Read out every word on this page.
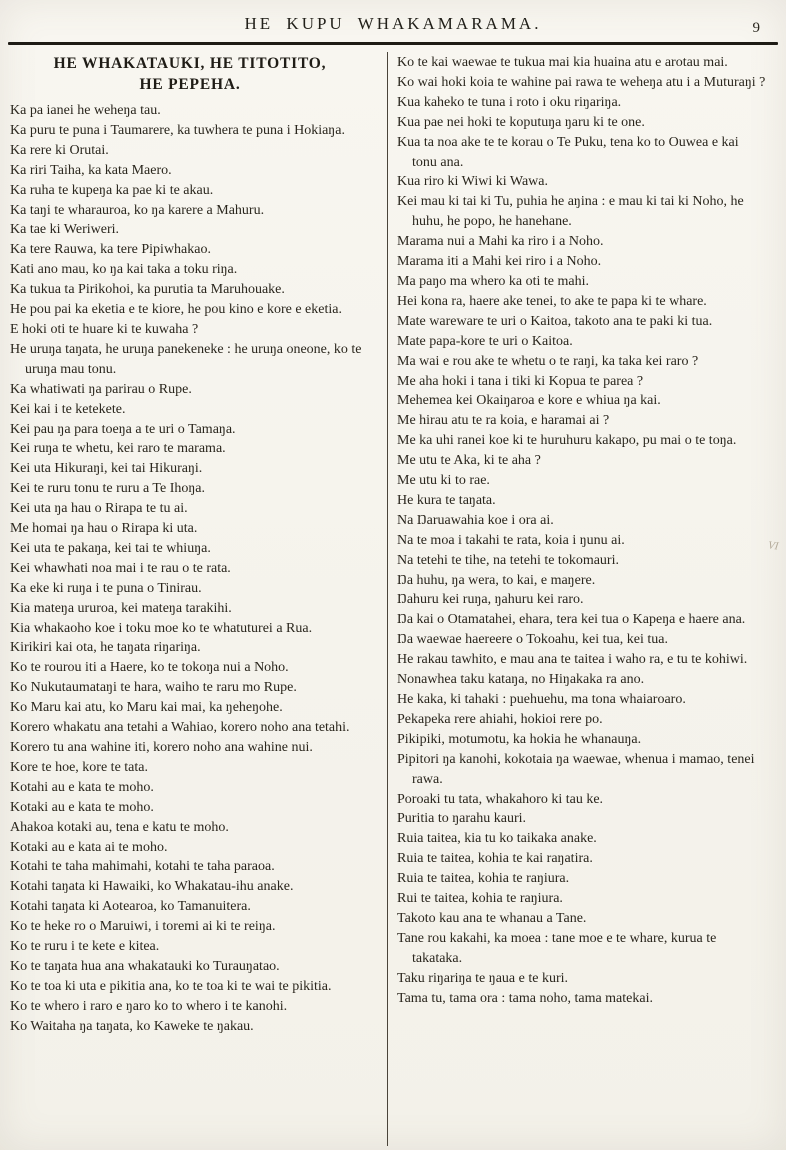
HE KUPU WHAKAMARAMA.	9
HE WHAKATAUKI, HE TITOTITO,
HE PEPEHA.

Ka pa ianei he weheŋa tau.

Ka puru te puna i Taumarere, ka tuwhera te puna i Hokiaŋa.

Ka rere ki Orutai.

Ka riri Taiha, ka kata Maero.

Ka ruha te kupeŋa ka pae ki te akau.

Ka taŋi te wharauroa, ko ŋa karere a Mahuru.

Ka tae ki Weriweri.

Ka tere Rauwa, ka tere Pipiwhakao.

Kati ano mau, ko ŋa kai taka a toku riŋa.

Ka tukua ta Pirikohoi, ka purutia ta Maruhouake.

He pou pai ka eketia e te kiore, he pou kino e kore e eketia.

E hoki oti te huare ki te kuwaha ?

He uruŋa taŋata, he uruŋa panekeneke : he uruŋa oneone, ko te uruŋa mau tonu.

Ka whatiwati ŋa parirau o Rupe.

Kei kai i te ketekete.

Kei pau ŋa para toeŋa a te uri o Tamaŋa.

Kei ruŋa te whetu, kei raro te marama.

Kei uta Hikuraŋi, kei tai Hikuraŋi.

Kei te ruru tonu te ruru a Te Ihoŋa.

Kei uta ŋa hau o Rirapa te tu ai.

Me homai ŋa hau o Rirapa ki uta.

Kei uta te pakaŋa, kei tai te whiuŋa.

Kei whawhati noa mai i te rau o te rata.

Ka eke ki ruŋa i te puna o Tinirau.

Kia mateŋa ururoa, kei mateŋa tarakihi.

Kia whakaoho koe i toku moe ko te whatuturei a Rua.

Kirikiri kai ota, he taŋata riŋariŋa.

Ko te rourou iti a Haere, ko te tokoŋa nui a Noho.

Ko Nukutaumataŋi te hara, waiho te raru mo Rupe.

Ko Maru kai atu, ko Maru kai mai, ka ŋeheŋohe.

Korero whakatu ana tetahi a Wahiao, korero noho ana tetahi.

Korero tu ana wahine iti, korero noho ana wahine nui.

Kore te hoe, kore te tata.

Kotahi au e kata te moho.

Kotaki au e kata te moho.

Ahakoa kotaki au, tena e katu te moho.

Kotaki au e kata ai te moho.

Kotahi te taha mahimahi, kotahi te taha paraoa.

Kotahi taŋata ki Hawaiki, ko Whakatau-ihu anake.

Kotahi taŋata ki Aotearoa, ko Tamanuitera.

Ko te heke ro o Maruiwi, i toremi ai ki te reiŋa.

Ko te ruru i te kete e kitea.

Ko te taŋata hua ana whakatauki ko Turauŋatao.

Ko te toa ki uta e pikitia ana, ko te toa ki te wai te pikitia.

Ko te whero i raro e ŋaro ko to whero i te kanohi.

Ko Waitaha ŋa taŋata, ko Kaweke te ŋakau.

Ko te kai waewae te tukua mai kia huaina atu e arotau mai.

Ko wai hoki koia te wahine pai rawa te weheŋa atu i a Muturaŋi ?

Kua kaheko te tuna i roto i oku riŋariŋa.

Kua pae nei hoki te koputuŋa ŋaru ki te one.

Kua ta noa ake te te korau o Te Puku, tena ko to Ouwea e kai tonu ana.

Kua riro ki Wiwi ki Wawa.

Kei mau ki tai ki Tu, puhia he aŋina : e mau ki tai ki Noho, he huhu, he popo, he hanehane.

Marama nui a Mahi ka riro i a Noho.

Marama iti a Mahi kei riro i a Noho.

Ma paŋo ma whero ka oti te mahi.

Hei kona ra, haere ake tenei, to ake te papa ki te whare.

Mate wareware te uri o Kaitoa, takoto ana te paki ki tua.

Mate papa-kore te uri o Kaitoa.

Ma wai e rou ake te whetu o te raŋi, ka taka kei raro ?

Me aha hoki i tana i tiki ki Kopua te parea ?

Mehemea kei Okaiŋaroa e kore e whiua ŋa kai.

Me hirau atu te ra koia, e haramai ai ?

Me ka uhi ranei koe ki te huruhuru kakapo, pu mai o te toŋa.

Me utu te Aka, ki te aha ?

Me utu ki to rae.

He kura te taŋata.

Na Ŋaruawahia koe i ora ai.

Na te moa i takahi te rata, koia i ŋunu ai.

Na tetehi te tihe, na tetehi te tokomauri.

Ŋa huhu, ŋa wera, to kai, e maŋere.

Ŋahuru kei ruŋa, ŋahuru kei raro.

Ŋa kai o Otamatahei, ehara, tera kei tua o Kapeŋa e haere ana.

Ŋa waewae haereere o Tokoahu, kei tua, kei tua.

He rakau tawhito, e mau ana te taitea i waho ra, e tu te kohiwi.

Nonawhea taku kataŋa, no Hiŋakaka ra ano.

He kaka, ki tahaki : puehuehu, ma tona whaiaroaro.

Pekapeka rere ahiahi, hokioi rere po.

Pikipiki, motumotu, ka hokia he whanauŋa.

Pipitori ŋa kanohi, kokotaia ŋa waewae, whenua i mamao, tenei rawa.

Poroaki tu tata, whakahoro ki tau ke.

Puritia to ŋarahu kauri.

Ruia taitea, kia tu ko taikaka anake.

Ruia te taitea, kohia te kai raŋatira.

Ruia te taitea, kohia te raŋiura.

Rui te taitea, kohia te raŋiura.

Takoto kau ana te whanau a Tane.

Tane rou kakahi, ka moea : tane moe e te whare, kurua te takataka.

Taku riŋariŋa te ŋaua e te kuri.

Tama tu, tama ora : tama noho, tama matekai.

VI
